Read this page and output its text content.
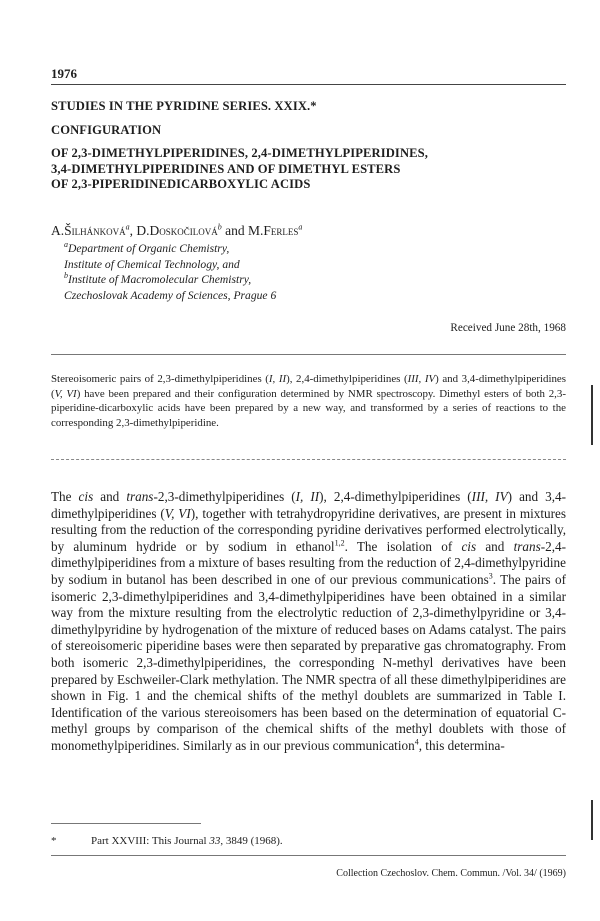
1976
STUDIES IN THE PYRIDINE SERIES. XXIX.*
CONFIGURATION
OF 2,3-DIMETHYLPIPERIDINES, 2,4-DIMETHYLPIPERIDINES,
3,4-DIMETHYLPIPERIDINES AND OF DIMETHYL ESTERS
OF 2,3-PIPERIDINEDICARBOXYLIC ACIDS
A.Šilhánková$^a$, D.Doskočilová$^b$ and M.Ferles$^a$
$^a$Department of Organic Chemistry,
Institute of Chemical Technology, and
$^b$Institute of Macromolecular Chemistry,
Czechoslovak Academy of Sciences, Prague 6
Received June 28th, 1968
Stereoisomeric pairs of 2,3-dimethylpiperidines (I, II), 2,4-dimethylpiperidines (III, IV) and 3,4-dimethylpiperidines (V, VI) have been prepared and their configuration determined by NMR spectroscopy. Dimethyl esters of both 2,3-piperidine-dicarboxylic acids have been prepared by a new way, and transformed by a series of reactions to the corresponding 2,3-dimethylpiperidine.
The cis and trans-2,3-dimethylpiperidines (I, II), 2,4-dimethylpiperidines (III, IV) and 3,4-dimethylpiperidines (V, VI), together with tetrahydropyridine derivatives, are present in mixtures resulting from the reduction of the corresponding pyridine derivatives performed electrolytically, by aluminum hydride or by sodium in ethanol$^{1,2}$. The isolation of cis and trans-2,4-dimethylpiperidines from a mixture of bases resulting from the reduction of 2,4-dimethylpyridine by sodium in butanol has been described in one of our previous communications$^3$. The pairs of isomeric 2,3-dimethylpiperidines and 3,4-dimethylpiperidines have been obtained in a similar way from the mixture resulting from the electrolytic reduction of 2,3-dimethylpyridine or 3,4-dimethylpyridine by hydrogenation of the mixture of reduced bases on Adams catalyst. The pairs of stereoisomeric piperidine bases were then separated by preparative gas chromatography. From both isomeric 2,3-dimethylpiperidines, the corresponding N-methyl derivatives have been prepared by Eschweiler-Clark methylation. The NMR spectra of all these dimethylpiperidines are shown in Fig. 1 and the chemical shifts of the methyl doublets are summarized in Table I. Identification of the various stereoisomers has been based on the determination of equatorial C-methyl groups by comparison of the chemical shifts of the methyl doublets with those of monomethylpiperidines. Similarly as in our previous communication$^4$, this determina-
*	Part XXVIII: This Journal 33, 3849 (1968).
Collection Czechoslov. Chem. Commun. /Vol. 34/ (1969)
